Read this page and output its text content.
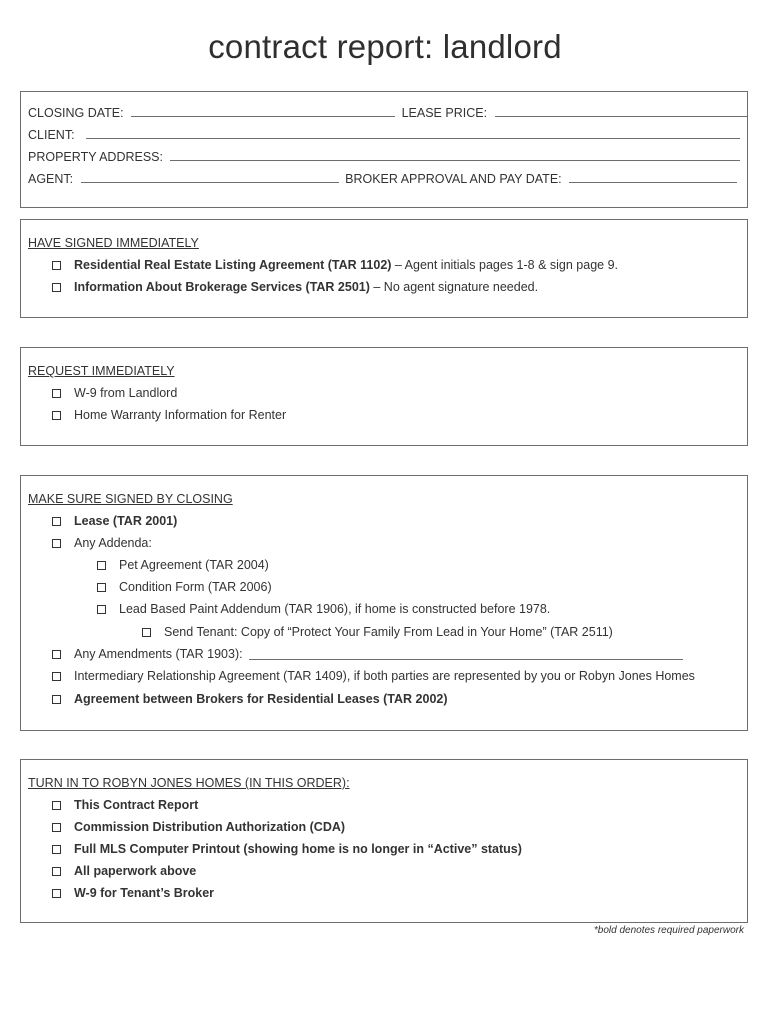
contract report: landlord
CLOSING DATE:	LEASE PRICE:
CLIENT:
PROPERTY ADDRESS:
AGENT:	BROKER APPROVAL AND PAY DATE:
HAVE SIGNED IMMEDIATELY
Residential Real Estate Listing Agreement (TAR 1102) – Agent initials pages 1-8 & sign page 9.
Information About Brokerage Services (TAR 2501) – No agent signature needed.
REQUEST IMMEDIATELY
W-9 from Landlord
Home Warranty Information for Renter
MAKE SURE SIGNED BY CLOSING
Lease (TAR 2001)
Any Addenda:
Pet Agreement (TAR 2004)
Condition Form (TAR 2006)
Lead Based Paint Addendum (TAR 1906), if home is constructed before 1978.
Send Tenant: Copy of “Protect Your Family From Lead in Your Home” (TAR 2511)
Any Amendments (TAR 1903):
Intermediary Relationship Agreement (TAR 1409), if both parties are represented by you or Robyn Jones Homes
Agreement between Brokers for Residential Leases (TAR 2002)
TURN IN TO ROBYN JONES HOMES (IN THIS ORDER):
This Contract Report
Commission Distribution Authorization (CDA)
Full MLS Computer Printout (showing home is no longer in “Active” status)
All paperwork above
W-9 for Tenant’s Broker
*bold denotes required paperwork
